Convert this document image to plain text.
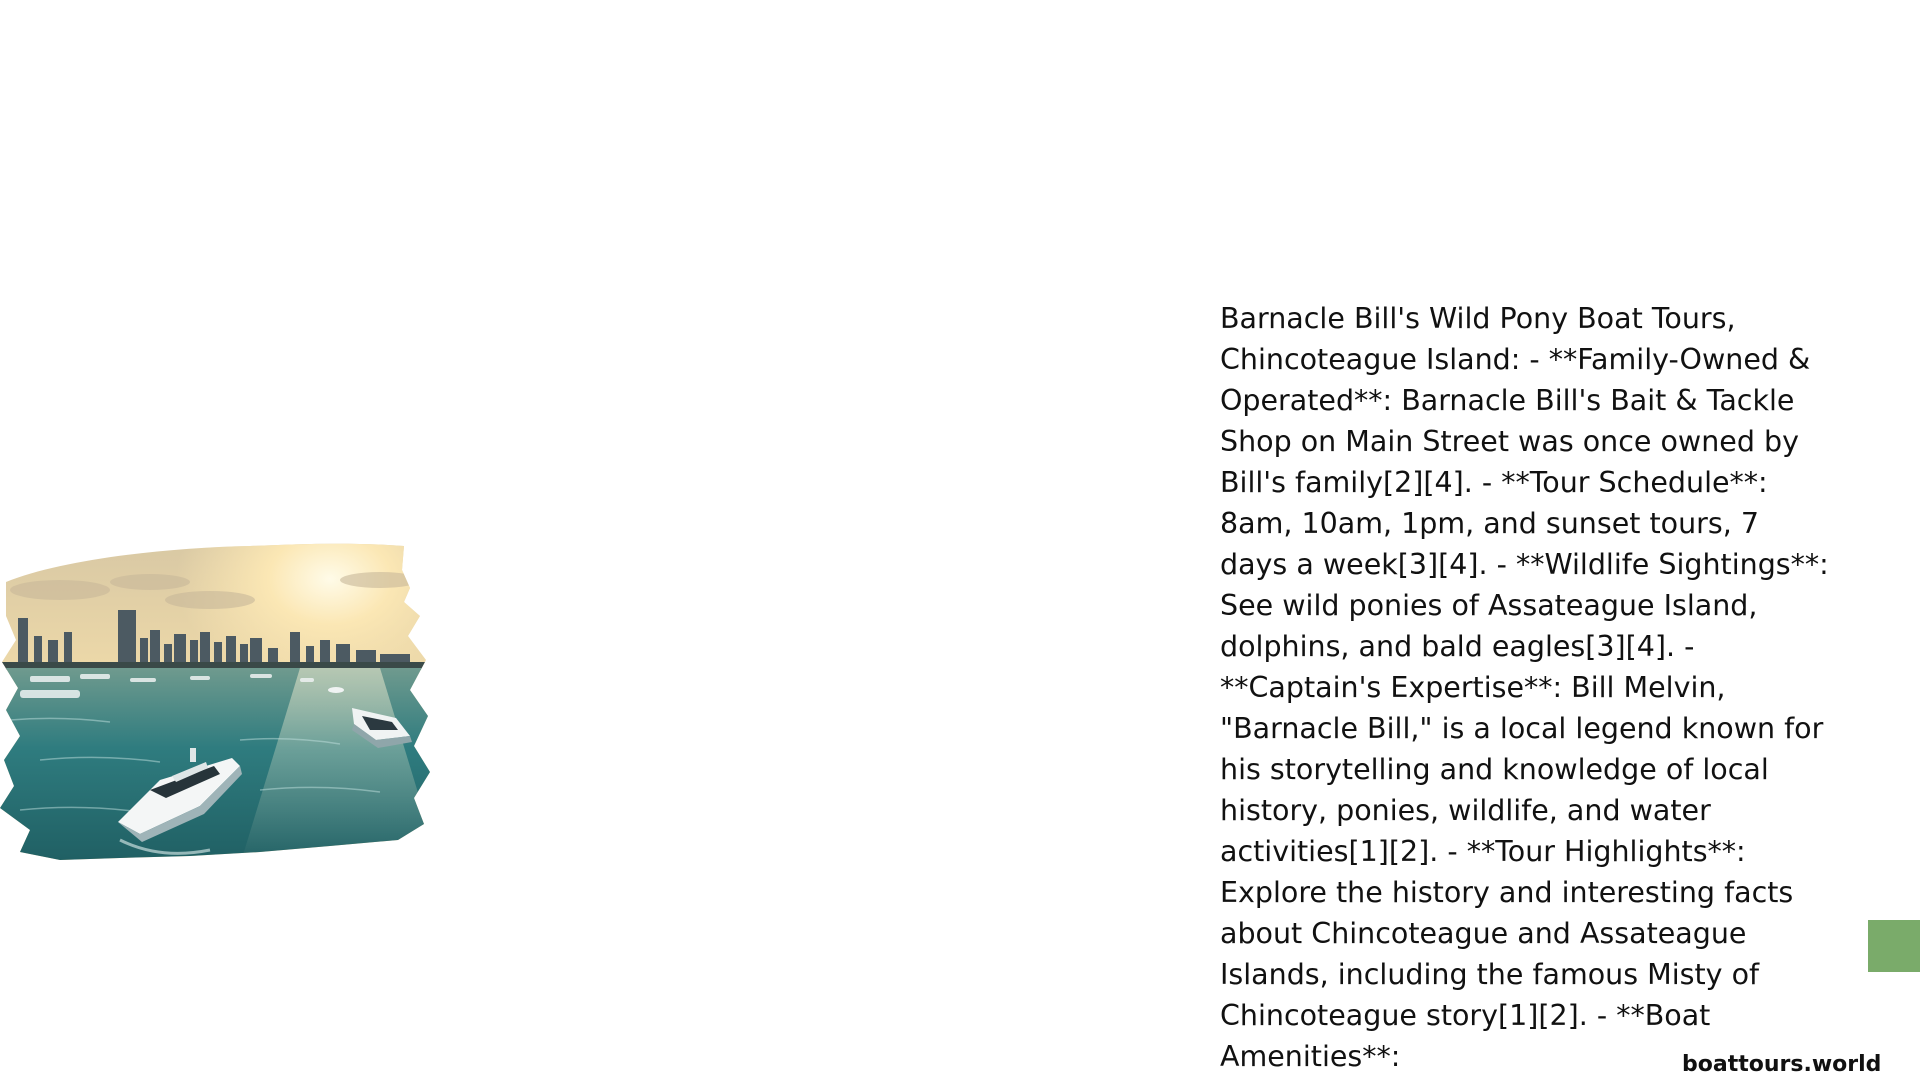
Barnacle Bill's Wild Pony Boat Tours, Chincoteague Island: - **Family-Owned & Operated**: Barnacle Bill's Bait & Tackle Shop on Main Street was once owned by Bill's family[2][4]. - **Tour Schedule**: 8am, 10am, 1pm, and sunset tours, 7 days a week[3][4]. - **Wildlife Sightings**: See wild ponies of Assateague Island, dolphins, and bald eagles[3][4]. - **Captain's Expertise**: Bill Melvin, "Barnacle Bill," is a local legend known for his storytelling and knowledge of local history, ponies, wildlife, and water activities[1][2]. - **Tour Highlights**: Explore the history and interesting facts about Chincoteague and Assateague Islands, including the famous Misty of Chincoteague story[1][2]. - **Boat Amenities**:	boattours.world
